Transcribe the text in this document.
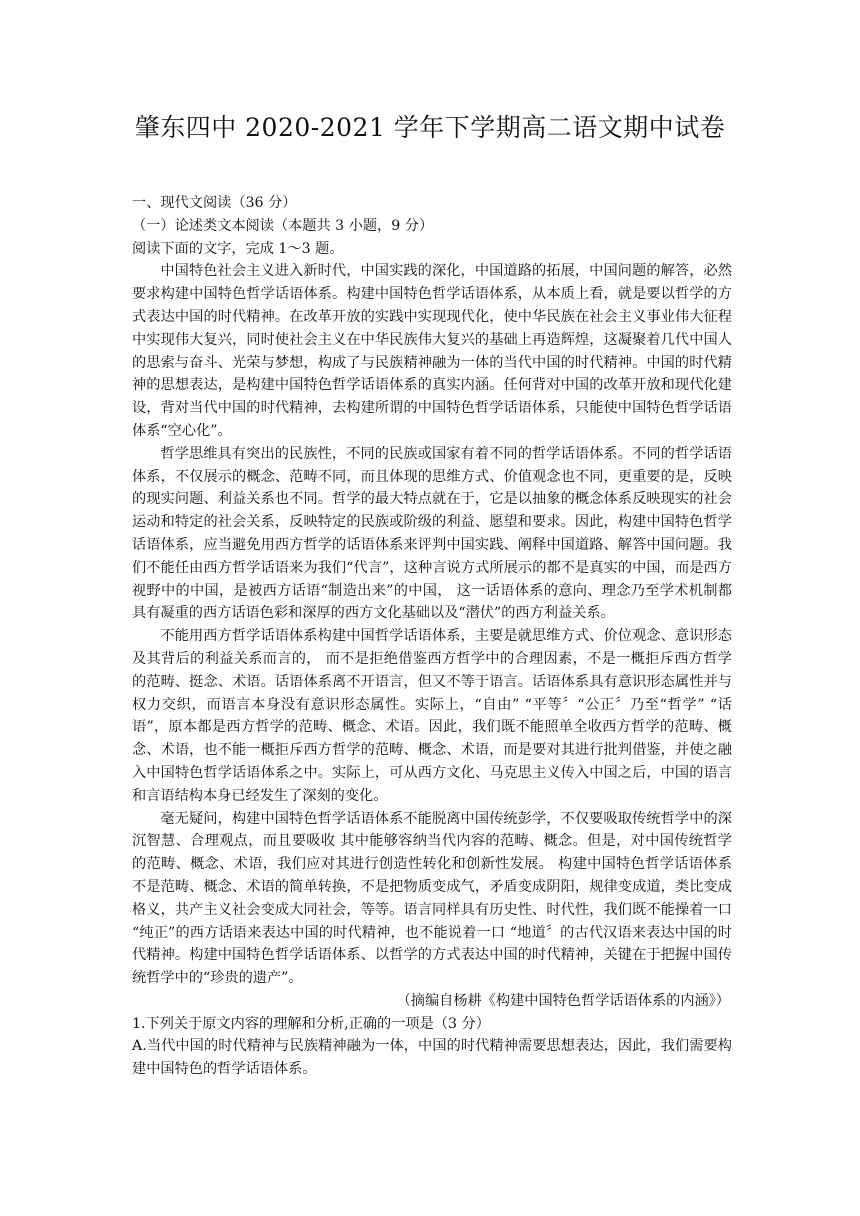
肇东四中 2020-2021 学年下学期高二语文期中试卷

一、现代文阅读（36 分）

（一）论述类文本阅读（本题共 3 小题，9 分）

阅读下面的文字，完成 1～3 题。

中国特色社会主义进入新时代，中国实践的深化，中国道路的拓展，中国问题的解答，必然要求构建中国特色哲学话语体系。构建中国特色哲学话语体系，从本质上看，就是要以哲学的方式表达中国的时代精神。在改革开放的实践中实现现代化，使中华民族在社会主义事业伟大征程中实现伟大复兴，同时使社会主义在中华民族伟大复兴的基础上再造辉煌，这凝聚着几代中国人的思索与奋斗、光荣与梦想，构成了与民族精神融为一体的当代中国的时代精神。中国的时代精神的思想表达，是构建中国特色哲学话语体系的真实内涵。任何背对中国的改革开放和现代化建设，背对当代中国的时代精神，去构建所谓的中国特色哲学话语体系，只能使中国特色哲学话语体系“空心化”。

哲学思维具有突出的民族性，不同的民族或国家有着不同的哲学话语体系。不同的哲学话语体系，不仅展示的概念、范畴不同，而且体现的思维方式、价值观念也不同，更重要的是，反映的现实问题、利益关系也不同。哲学的最大特点就在于，它是以抽象的概念体系反映现实的社会运动和特定的社会关系，反映特定的民族或阶级的利益、愿望和要求。因此，构建中国特色哲学话语体系，应当避免用西方哲学的话语体系来评判中国实践、阐释中国道路、解答中国问题。我们不能任由西方哲学话语来为我们“代言”，这种言说方式所展示的都不是真实的中国，而是西方视野中的中国，是被西方话语“制造出来”的中国， 这一话语体系的意向、理念乃至学术机制都具有凝重的西方话语色彩和深厚的西方文化基础以及“潜伏”的西方利益关系。

不能用西方哲学话语体系构建中国哲学话语体系，主要是就思维方式、价位观念、意识形态及其背后的利益关系而言的， 而不是拒绝借鉴西方哲学中的合理因素，不是一概拒斥西方哲学的范畴、挺念、术语。话语体系离不开语言，但又不等于语言。话语体系具有意识形态属性并与权力交织，而语言本身没有意识形态属性。实际上，“自由” “平等〞“公正〞乃至“哲学” “话语”，原本都是西方哲学的范畴、概念、术语。因此，我们既不能照单全收西方哲学的范畴、概念、术语，也不能一概拒斥西方哲学的范畴、概念、术语，而是要对其进行批判借鉴，并使之融入中国特色哲学话语体系之中。实际上，可从西方文化、马克思主义传入中国之后，中国的语言和言语结构本身已经发生了深刻的变化。

毫无疑问，构建中国特色哲学话语体系不能脱离中国传统彭学，不仅要吸取传统哲学中的深沉智慧、合理观点，而且要吸收 其中能够容纳当代内容的范畴、概念。但是，对中国传统哲学的范畴、概念、术语，我们应对其进行创造性转化和创新性发展。 构建中国特色哲学话语体系不是范畴、概念、术语的简单转换，不是把物质变成气，矛盾变成阴阳，规律变成道，类比变成格义，共产主义社会变成大同社会，等等。语言同样具有历史性、时代性，我们既不能操着一口 “纯正”的西方话语来表达中国的时代精神，也不能说着一口 “地道〞的古代汉语来表达中国的时代精神。构建中国特色哲学话语体系、以哲学的方式表达中国的时代精神，关键在于把握中国传统哲学中的“珍贵的遗产”。

（摘编自杨耕《构建中国特色哲学话语体系的内涵》）

1.下列关于原文内容的理解和分析,正确的一项是（3 分）

A.当代中国的时代精神与民族精神融为一体，中国的时代精神需要思想表达，因此，我们需要构建中国特色的哲学话语体系。
